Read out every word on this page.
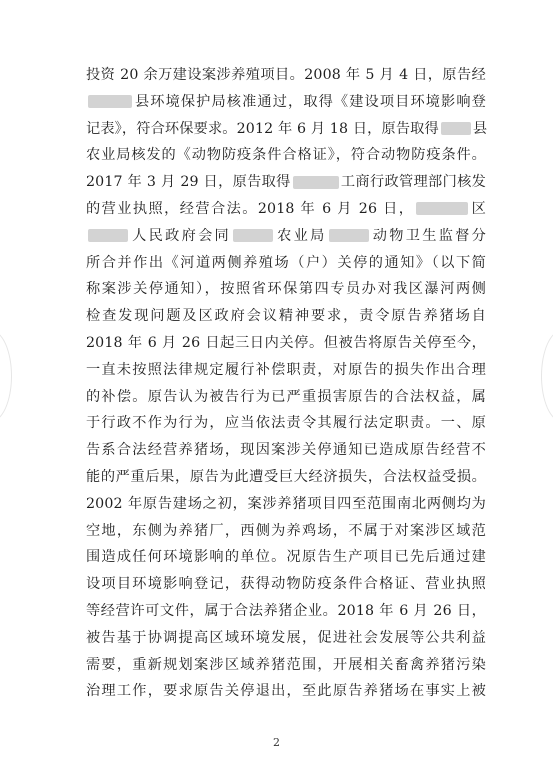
投资 20 余万建设案涉养殖项目。2008 年 5 月 4 日，原告经
县环境保护局核准通过，取得《建设项目环境影响登
记表》，符合环保要求。2012 年 6 月 18 日，原告取得 县
农业局核发的《动物防疫条件合格证》，符合动物防疫条件。
2017 年 3 月 29 日，原告取得	工商行政管理部门核发
的营业执照，经营合法。2018 年 6 月 26 日，	区
人民政府会同	农业局	动物卫生监督分
所合并作出《河道两侧养殖场（户）关停的通知》（以下简
称案涉关停通知），按照省环保第四专员办对我区瀑河两侧
检查发现问题及区政府会议精神要求，责令原告养猪场自
2018 年 6 月 26 日起三日内关停。但被告将原告关停至今，
一直未按照法律规定履行补偿职责，对原告的损失作出合理
的补偿。原告认为被告行为已严重损害原告的合法权益，属
于行政不作为行为，应当依法责令其履行法定职责。一、原
告系合法经营养猪场，现因案涉关停通知已造成原告经营不
能的严重后果，原告为此遭受巨大经济损失，合法权益受损。
2002 年原告建场之初，案涉养猪项目四至范围南北两侧均为
空地，东侧为养猪厂，西侧为养鸡场，不属于对案涉区域范
围造成任何环境影响的单位。况原告生产项目已先后通过建
设项目环境影响登记，获得动物防疫条件合格证、营业执照
等经营许可文件，属于合法养猪企业。2018 年 6 月 26 日，
被告基于协调提高区域环境发展，促进社会发展等公共利益
需要，重新规划案涉区域养猪范围，开展相关畜禽养猪污染
治理工作，要求原告关停退出，至此原告养猪场在事实上被
2
